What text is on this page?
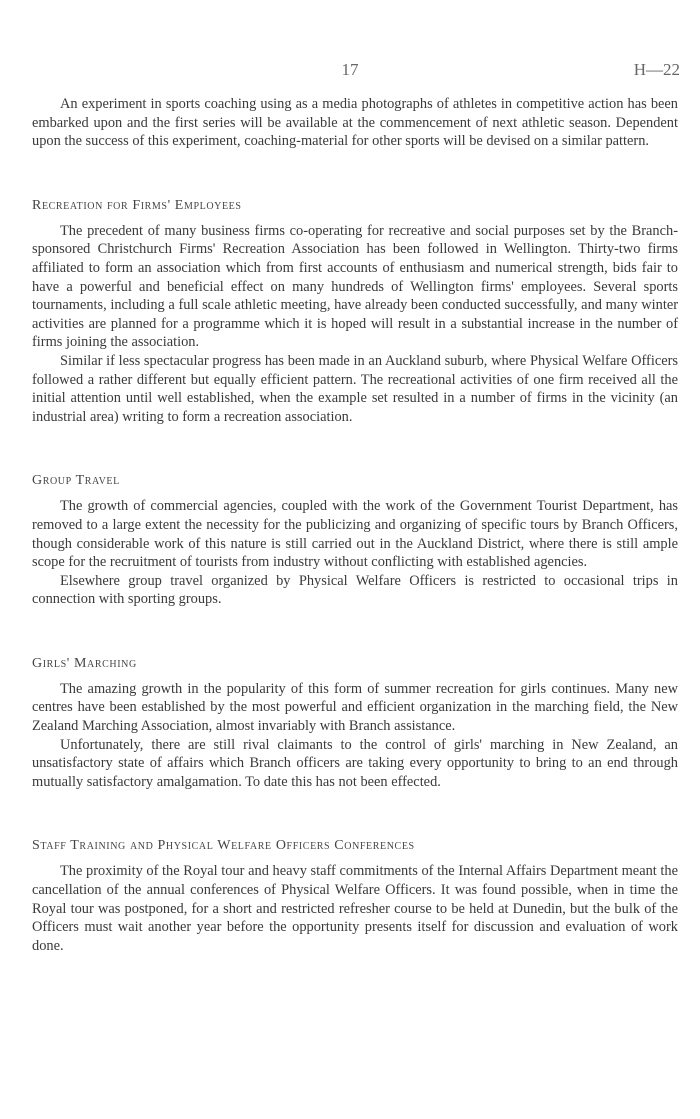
17	H—22

An experiment in sports coaching using as a media photographs of athletes in competitive action has been embarked upon and the first series will be available at the commencement of next athletic season. Dependent upon the success of this experiment, coaching-material for other sports will be devised on a similar pattern.

Recreation for Firms' Employees

The precedent of many business firms co-operating for recreative and social purposes set by the Branch-sponsored Christchurch Firms' Recreation Association has been followed in Wellington. Thirty-two firms affiliated to form an association which from first accounts of enthusiasm and numerical strength, bids fair to have a powerful and beneficial effect on many hundreds of Wellington firms' employees. Several sports tournaments, including a full scale athletic meeting, have already been conducted successfully, and many winter activities are planned for a programme which it is hoped will result in a substantial increase in the number of firms joining the association.

Similar if less spectacular progress has been made in an Auckland suburb, where Physical Welfare Officers followed a rather different but equally efficient pattern. The recreational activities of one firm received all the initial attention until well established, when the example set resulted in a number of firms in the vicinity (an industrial area) writing to form a recreation association.

Group Travel

The growth of commercial agencies, coupled with the work of the Government Tourist Department, has removed to a large extent the necessity for the publicizing and organizing of specific tours by Branch Officers, though considerable work of this nature is still carried out in the Auckland District, where there is still ample scope for the recruitment of tourists from industry without conflicting with established agencies.

Elsewhere group travel organized by Physical Welfare Officers is restricted to occasional trips in connection with sporting groups.

Girls' Marching

The amazing growth in the popularity of this form of summer recreation for girls continues. Many new centres have been established by the most powerful and efficient organization in the marching field, the New Zealand Marching Association, almost invariably with Branch assistance.

Unfortunately, there are still rival claimants to the control of girls' marching in New Zealand, an unsatisfactory state of affairs which Branch officers are taking every opportunity to bring to an end through mutually satisfactory amalgamation. To date this has not been effected.

Staff Training and Physical Welfare Officers Conferences

The proximity of the Royal tour and heavy staff commitments of the Internal Affairs Department meant the cancellation of the annual conferences of Physical Welfare Officers. It was found possible, when in time the Royal tour was postponed, for a short and restricted refresher course to be held at Dunedin, but the bulk of the Officers must wait another year before the opportunity presents itself for discussion and evaluation of work done.
